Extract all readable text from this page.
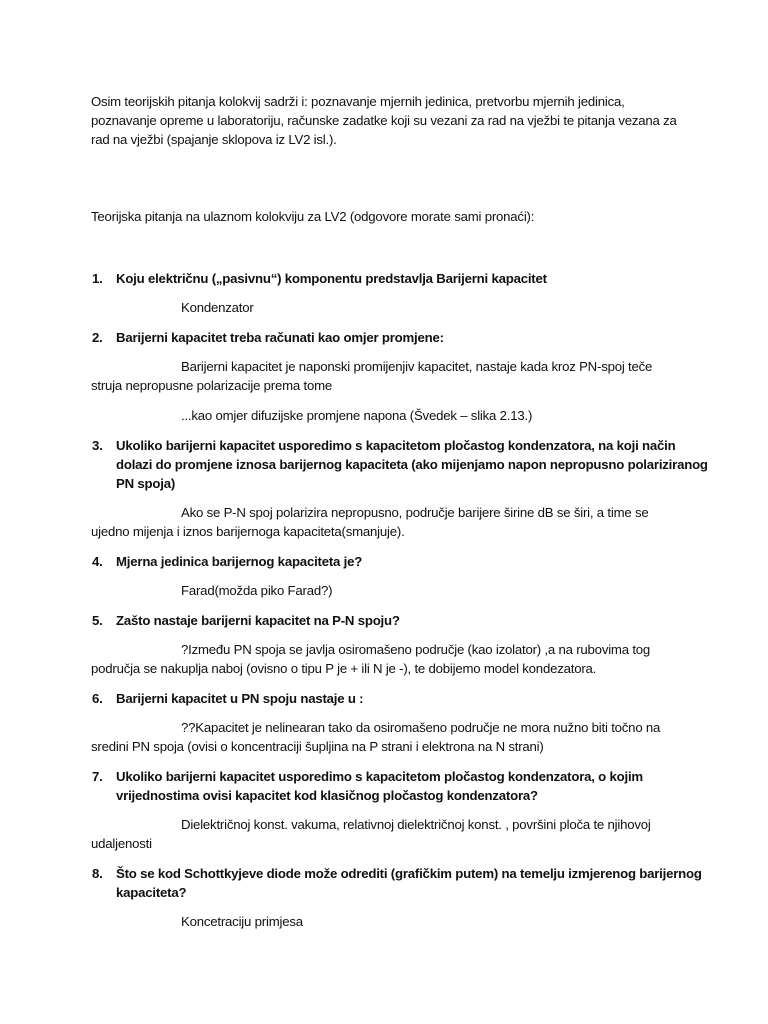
Osim teorijskih pitanja kolokvij sadrži i: poznavanje mjernih jedinica, pretvorbu mjernih jedinica,
poznavanje opreme u laboratoriju, računske zadatke koji su vezani za rad na vježbi te pitanja vezana za
rad na vježbi (spajanje sklopova iz LV2 isl.).

Teorijska pitanja na ulaznom kolokviju za LV2 (odgovore morate sami pronaći):
1. Koju električnu („pasivnu“) komponentu predstavlja Barijerni kapacitet
Kondenzator
2. Barijerni kapacitet treba računati kao omjer promjene:
Barijerni kapacitet je naponski promijenjiv kapacitet, nastaje kada kroz PN-spoj teče
struja nepropusne polarizacije prema tome
...kao omjer difuzijske promjene napona (Švedek – slika 2.13.)
3. Ukoliko barijerni kapacitet usporedimo s kapacitetom pločastog kondenzatora, na koji način
dolazi do promjene iznosa barijernog kapaciteta (ako mijenjamo napon nepropusno polariziranog
PN spoja)
Ako se P-N spoj polarizira nepropusno, područje barijere širine dB se širi, a time se
ujedno mijenja i iznos barijernoga kapaciteta(smanjuje).
4. Mjerna jedinica barijernog kapaciteta je?
Farad(možda piko Farad?)
5. Zašto nastaje barijerni kapacitet na P-N spoju?
?Između PN spoja se javlja osiromašeno područje (kao izolator) ,a na rubovima tog
područja se nakuplja naboj (ovisno o tipu P je + ili N je -), te dobijemo model kondezatora.
6. Barijerni kapacitet u PN spoju nastaje u :
??Kapacitet je nelinearan tako da osiromašeno područje ne mora nužno biti točno na
sredini PN spoja (ovisi o koncentraciji šupljina na P strani i elektrona na N strani)
7. Ukoliko barijerni kapacitet usporedimo s kapacitetom pločastog kondenzatora, o kojim
vrijednostima ovisi kapacitet kod klasičnog pločastog kondenzatora?
Dielektričnoj konst. vakuma, relativnoj dielektričnoj konst. , površini ploča te njihovoj
udaljenosti
8. Što se kod Schottkyjeve diode može odrediti (grafičkim putem) na temelju izmjerenog barijernog
kapaciteta?
Koncetraciju primjesa
